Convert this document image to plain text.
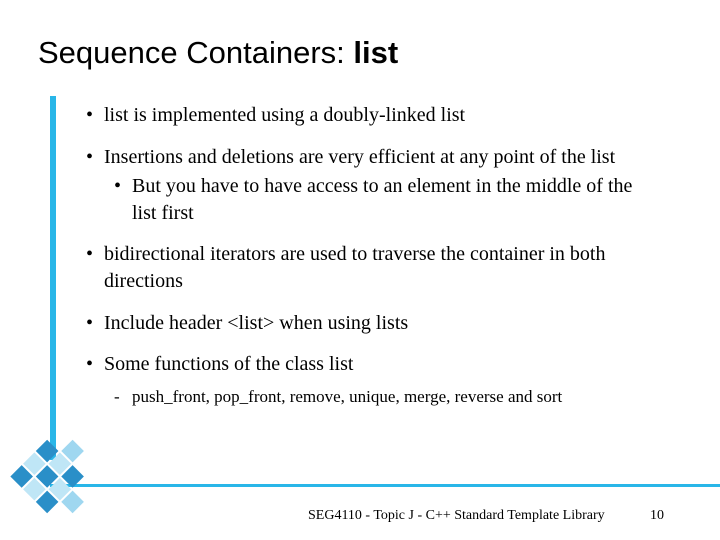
Sequence Containers: list
• list is implemented using a doubly-linked list
• Insertions and deletions are very efficient at any point of the list
• But you have to have access to an element in the middle of the
list first
• bidirectional iterators are used to traverse the container in both
directions
• Include header <list> when using lists
• Some functions of the class list
- push_front, pop_front, remove, unique, merge, reverse and sort
SEG4110 - Topic J - C++ Standard Template Library	10
